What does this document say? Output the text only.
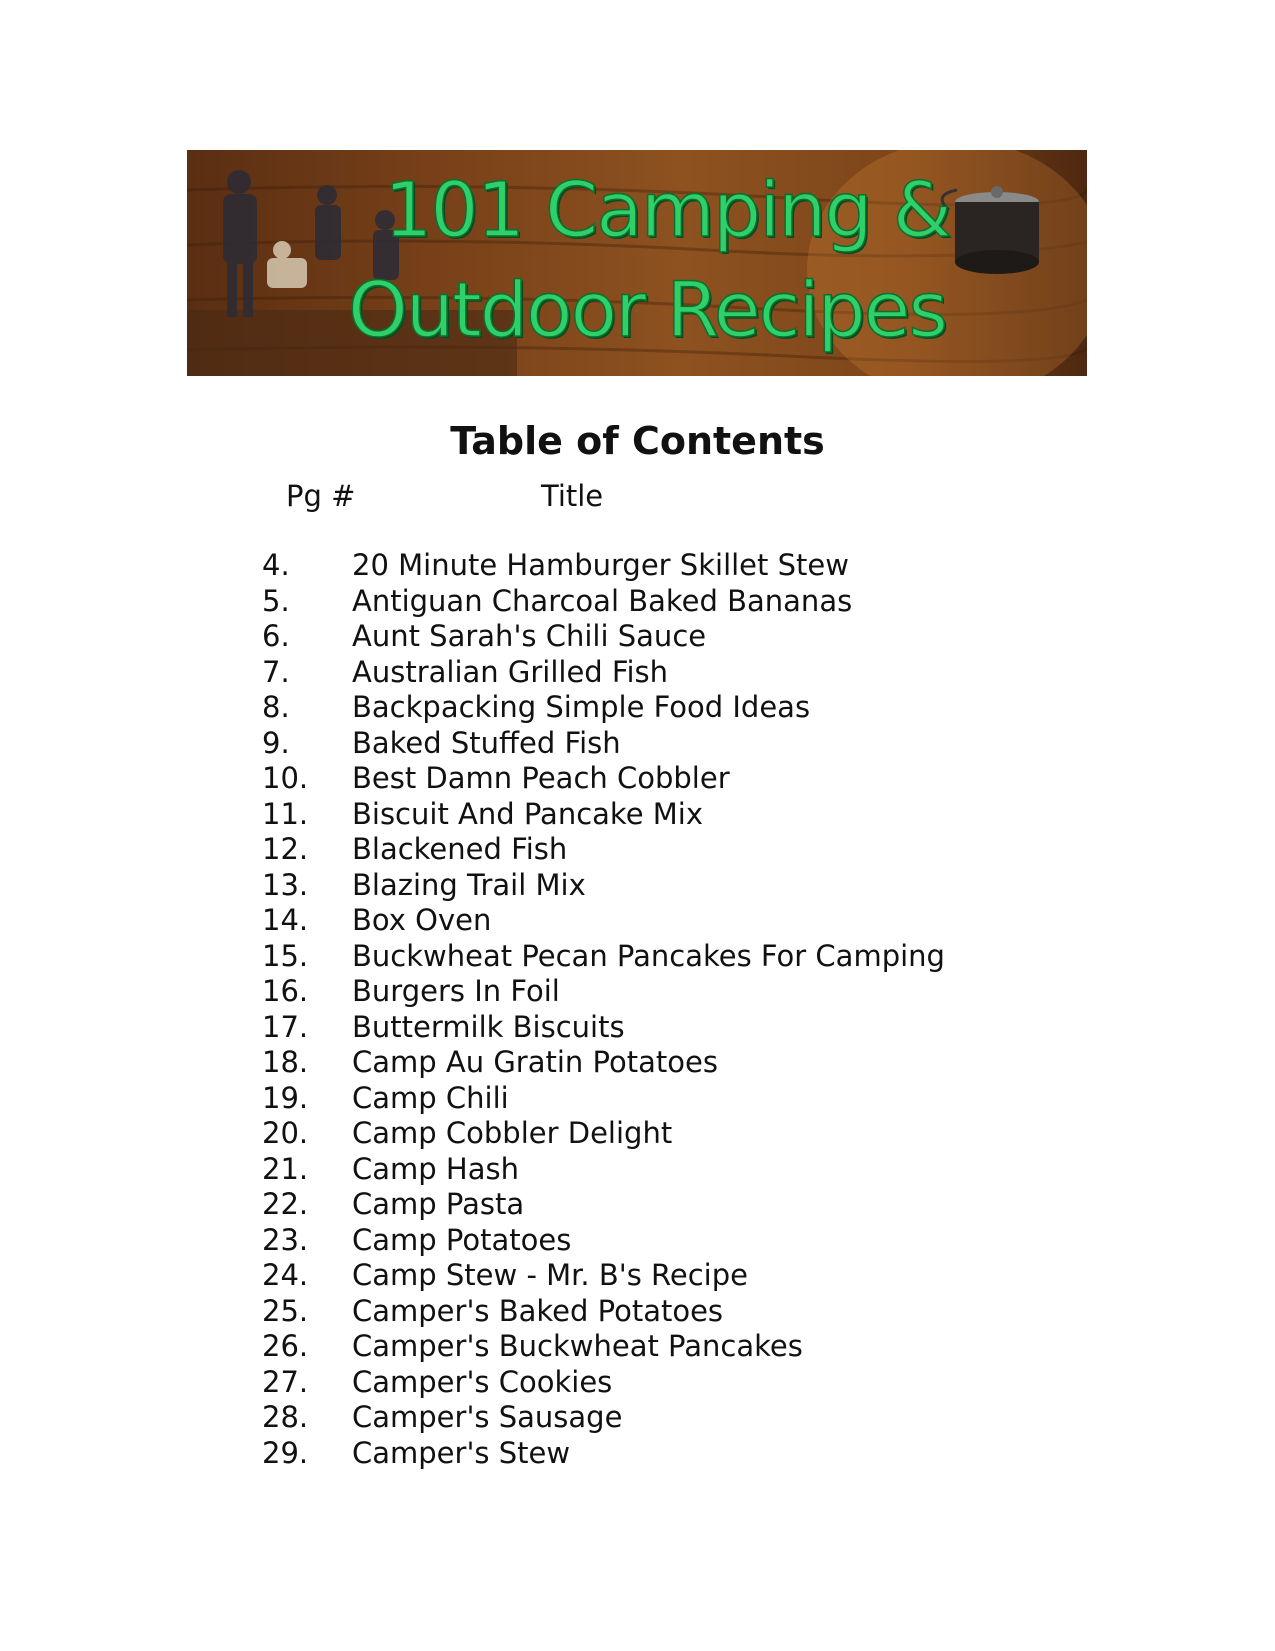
101 Camping &
Outdoor Recipes
Table of Contents
Pg #	Title
4.	20 Minute Hamburger Skillet Stew
5.	Antiguan Charcoal Baked Bananas
6.	Aunt Sarah's Chili Sauce
7.	Australian Grilled Fish
8.	Backpacking Simple Food Ideas
9.	Baked Stuffed Fish
10.	Best Damn Peach Cobbler
11.	Biscuit And Pancake Mix
12.	Blackened Fish
13.	Blazing Trail Mix
14.	Box Oven
15.	Buckwheat Pecan Pancakes For Camping
16.	Burgers In Foil
17.	Buttermilk Biscuits
18.	Camp Au Gratin Potatoes
19.	Camp Chili
20.	Camp Cobbler Delight
21.	Camp Hash
22.	Camp Pasta
23.	Camp Potatoes
24.	Camp Stew - Mr. B's Recipe
25.	Camper's Baked Potatoes
26.	Camper's Buckwheat Pancakes
27.	Camper's Cookies
28.	Camper's Sausage
29.	Camper's Stew
